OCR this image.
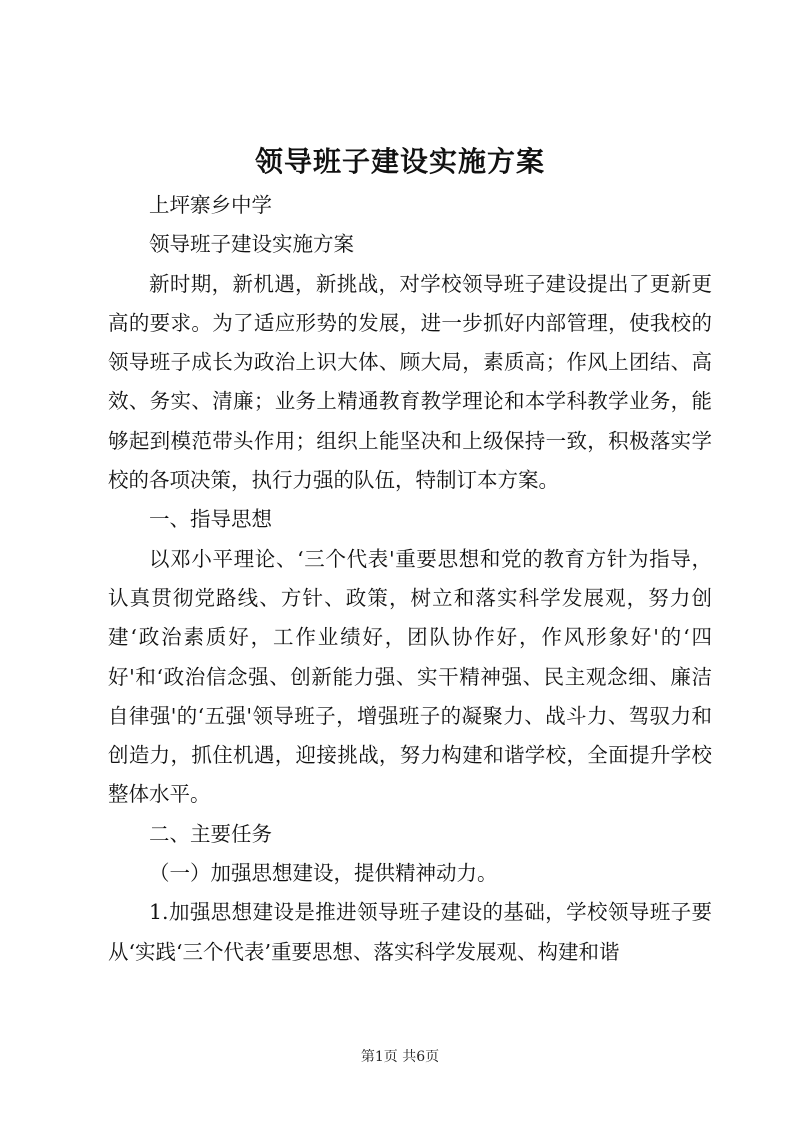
领导班子建设实施方案

上坪寨乡中学

领导班子建设实施方案

新时期，新机遇，新挑战，对学校领导班子建设提出了更新更高的要求。为了适应形势的发展，进一步抓好内部管理，使我校的领导班子成长为政治上识大体、顾大局，素质高；作风上团结、高效、务实、清廉；业务上精通教育教学理论和本学科教学业务，能够起到模范带头作用；组织上能坚决和上级保持一致，积极落实学校的各项决策，执行力强的队伍，特制订本方案。

一、指导思想

以邓小平理论、‘三个代表'重要思想和党的教育方针为指导，认真贯彻党路线、方针、政策，树立和落实科学发展观，努力创建‘政治素质好，工作业绩好，团队协作好，作风形象好'的‘四好'和‘政治信念强、创新能力强、实干精神强、民主观念细、廉洁自律强'的‘五强'领导班子，增强班子的凝聚力、战斗力、驾驭力和创造力，抓住机遇，迎接挑战，努力构建和谐学校，全面提升学校整体水平。

二、主要任务

（一）加强思想建设，提供精神动力。

1.加强思想建设是推进领导班子建设的基础，学校领导班子要从‘实践‘三个代表’重要思想、落实科学发展观、构建和谐

第1页 共6页
